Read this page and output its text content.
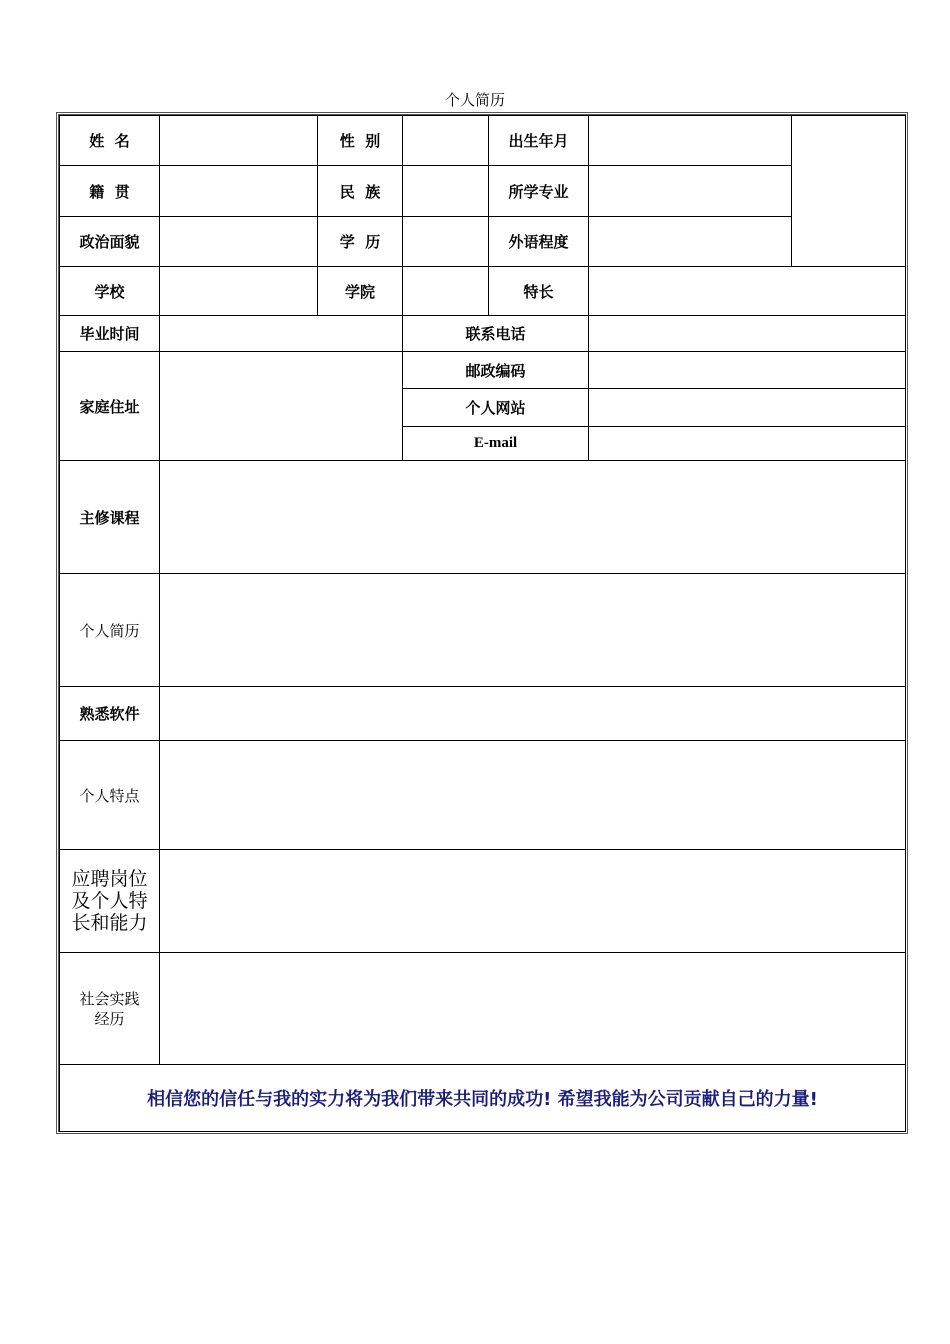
个人简历
姓  名		性  别		出生年月		
籍  贯		民  族		所学专业		
政治面貌		学  历		外语程度		
学校		学院		特长		
毕业时间			联系电话			
家庭住址			邮政编码			
			个人网站			
			E-mail			
主修课程						
个人简历						
熟悉软件						
个人特点						
应聘岗位及个人特长和能力						
社会实践经历						
相信您的信任与我的实力将为我们带来共同的成功! 希望我能为公司贡献自己的力量!						
